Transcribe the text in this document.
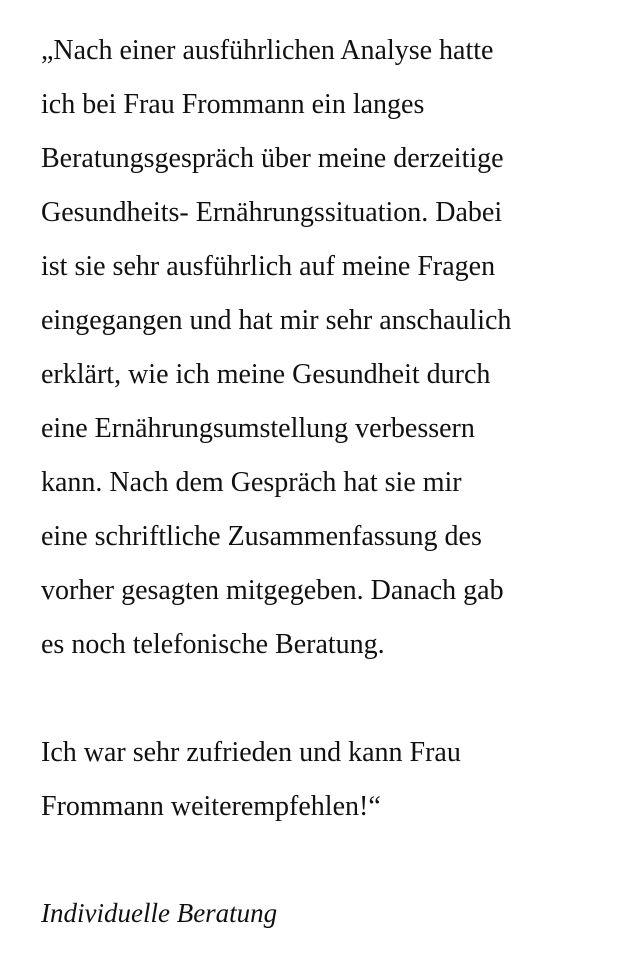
„Nach einer ausführlichen Analyse hatte
ich bei Frau Frommann ein langes
Beratungsgespräch über meine derzeitige
Gesundheits- Ernährungssituation. Dabei
ist sie sehr ausführlich auf meine Fragen
eingegangen und hat mir sehr anschaulich
erklärt, wie ich meine Gesundheit durch
eine Ernährungsumstellung verbessern
kann. Nach dem Gespräch hat sie mir
eine schriftliche Zusammenfassung des
vorher gesagten mitgegeben. Danach gab
es noch telefonische Beratung.

Ich war sehr zufrieden und kann Frau
Frommann weiterempfehlen!“

Individuelle Beratung
